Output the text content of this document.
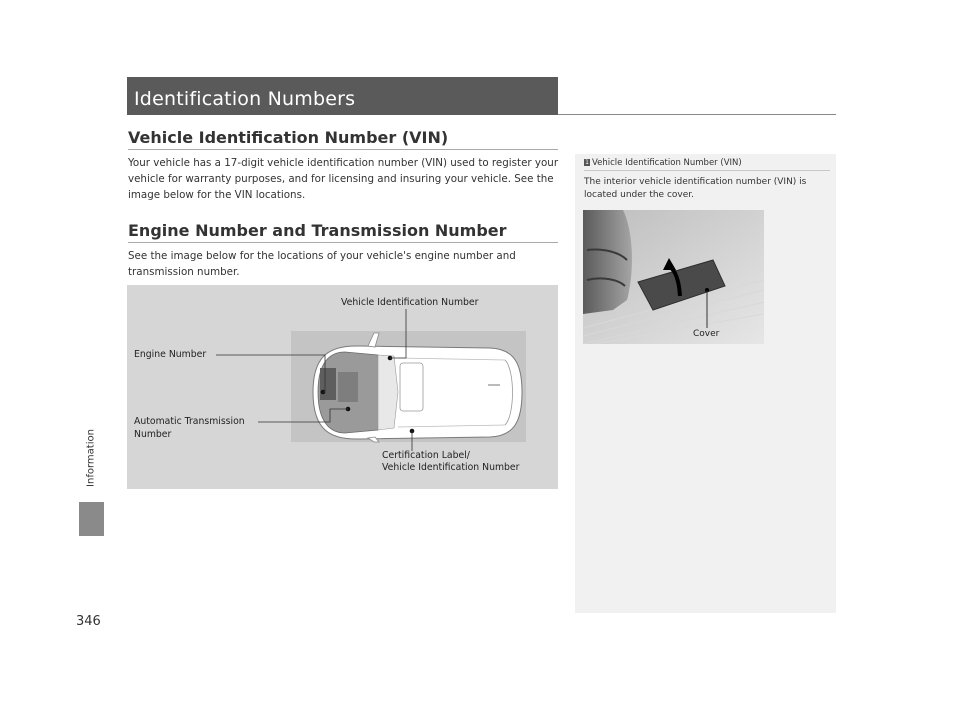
Identification Numbers
Vehicle Identification Number (VIN)
Your vehicle has a 17-digit vehicle identification number (VIN) used to register your vehicle for warranty purposes, and for licensing and insuring your vehicle. See the image below for the VIN locations.
Engine Number and Transmission Number
See the image below for the locations of your vehicle's engine number and transmission number.
Vehicle Identification Number
Engine Number
Automatic Transmission
Number
Certification Label/
Vehicle Identification Number
1 Vehicle Identification Number (VIN)
The interior vehicle identification number (VIN) is located under the cover.
Cover
Information
346
